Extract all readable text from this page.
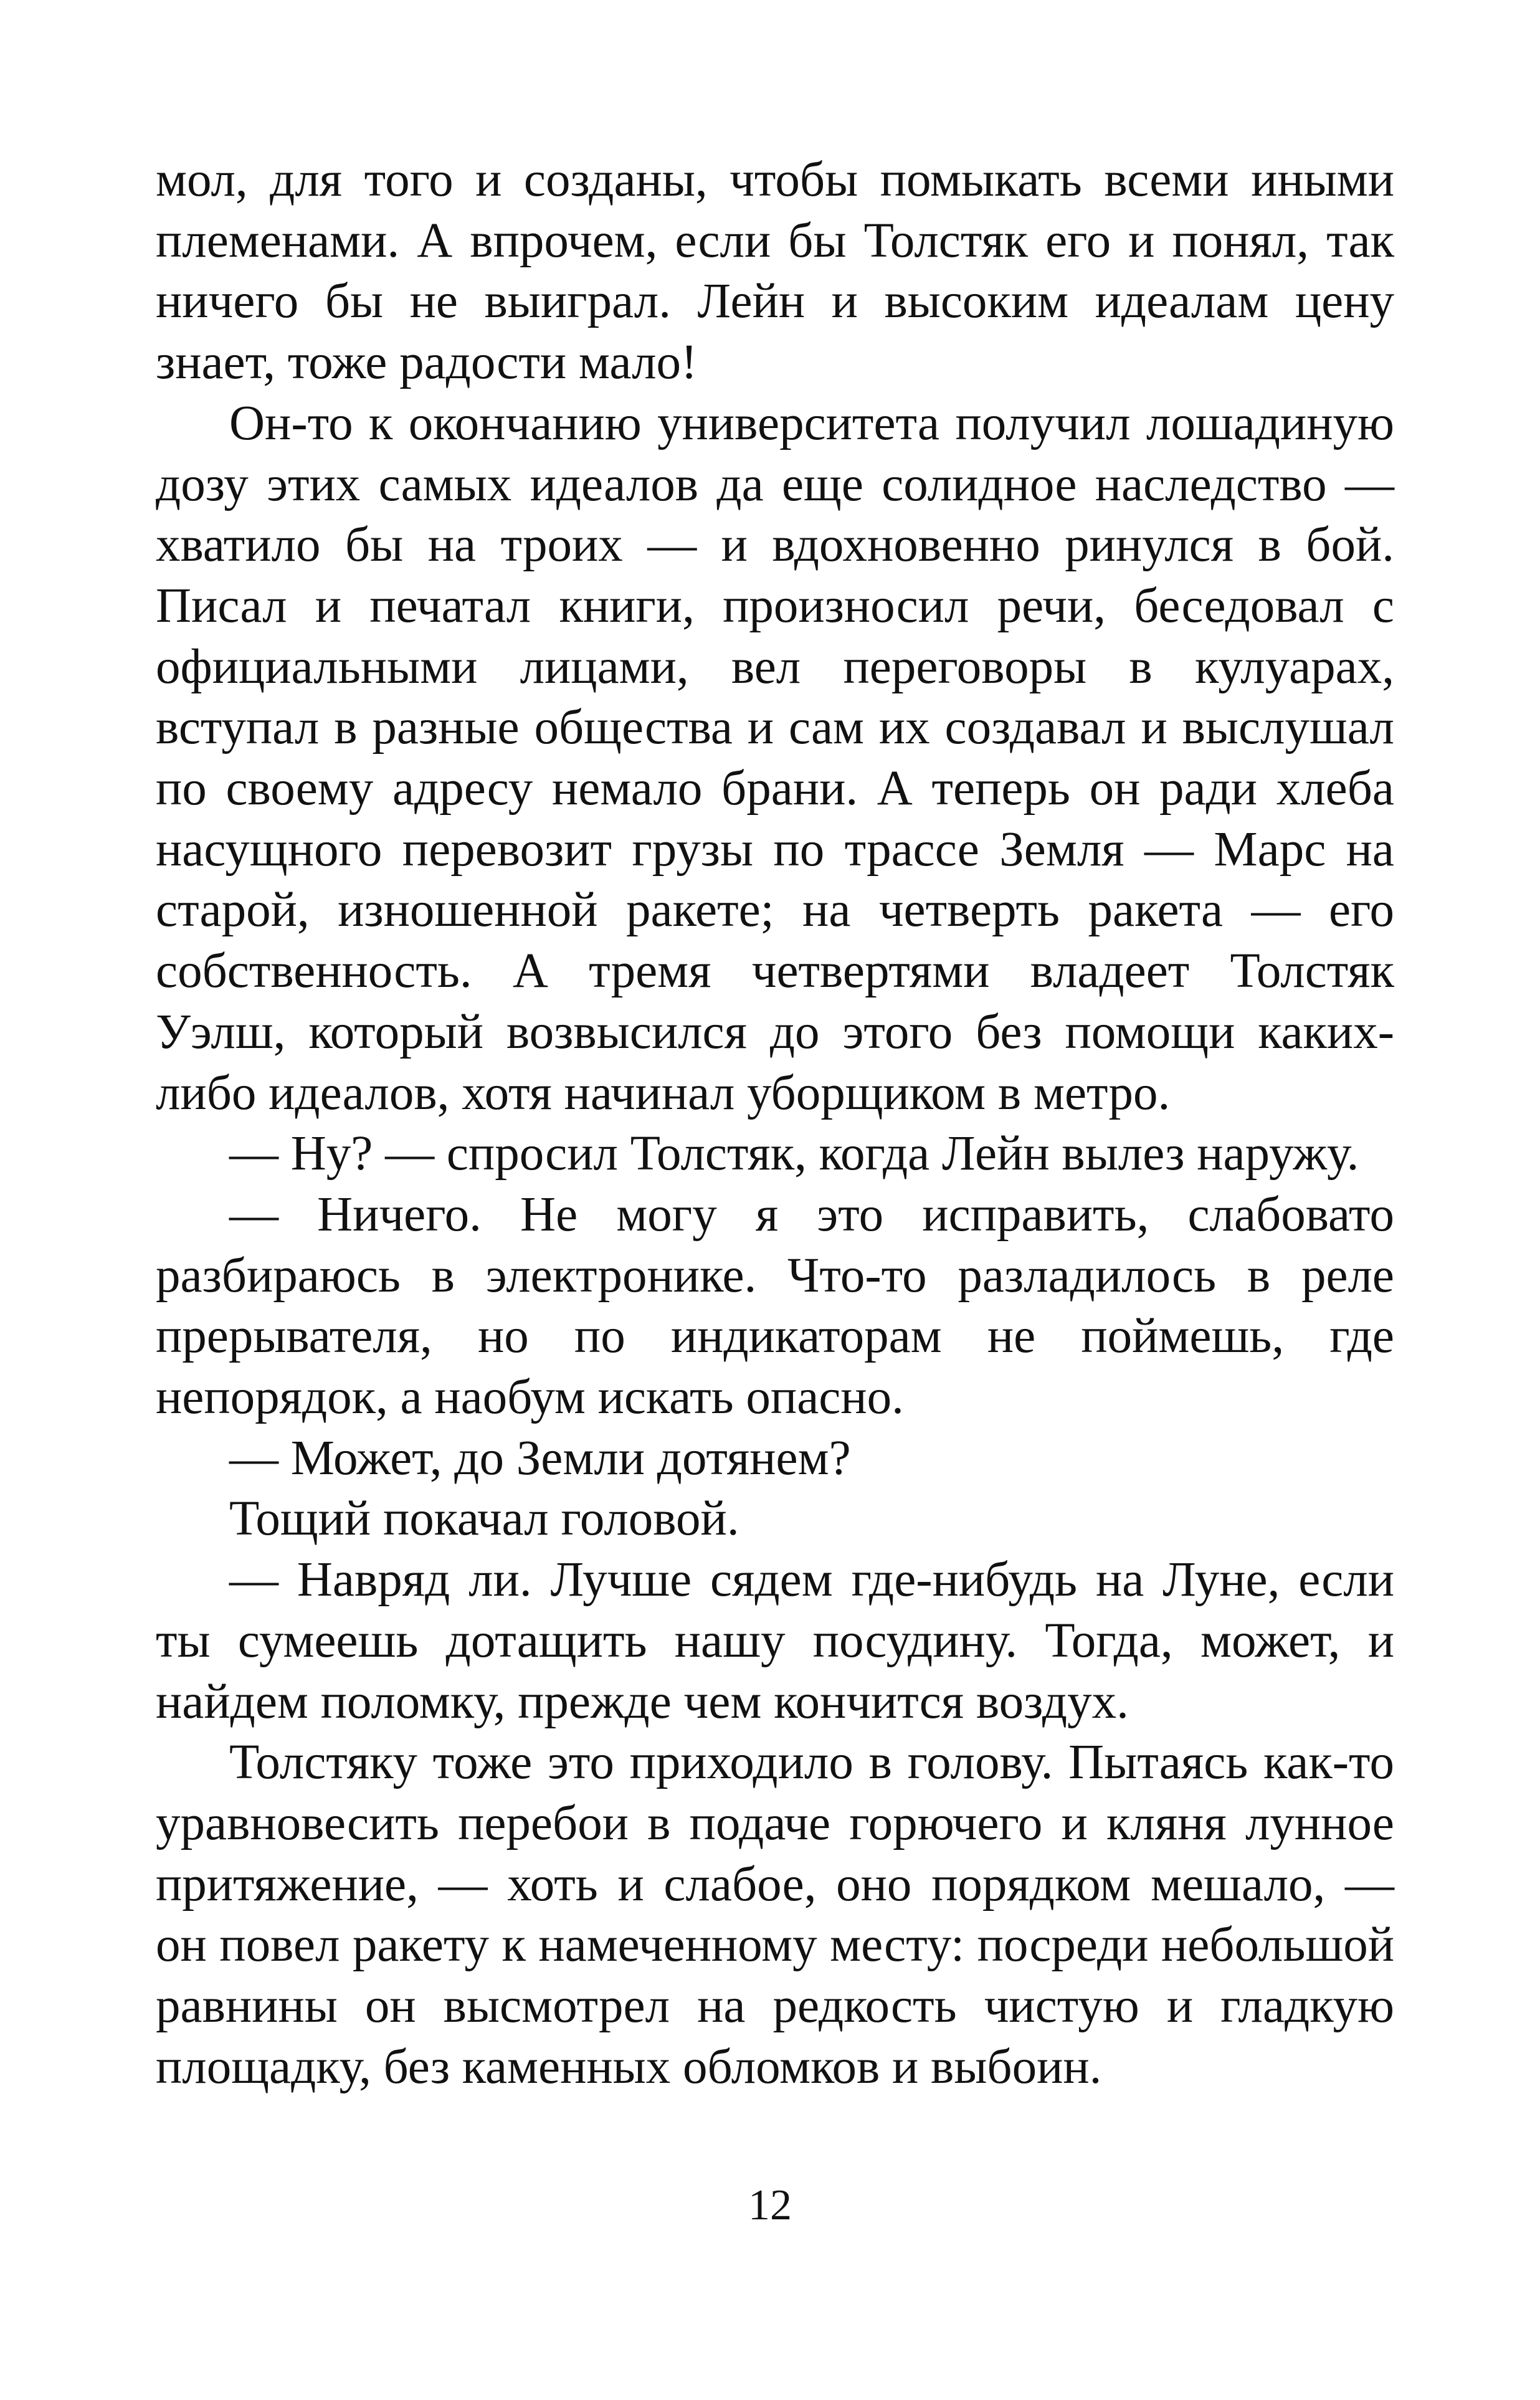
мол, для того и созданы, чтобы помыкать всеми иными племенами. А впрочем, если бы Толстяк его и понял, так ничего бы не выиграл. Лейн и высоким идеалам цену знает, тоже радости мало!

Он-то к окончанию университета получил лошадиную дозу этих самых идеалов да еще солидное наследство — хватило бы на троих — и вдохновенно ринулся в бой. Писал и печатал книги, произносил речи, беседовал с официальными лицами, вел переговоры в кулуарах, вступал в разные общества и сам их создавал и выслушал по своему адресу немало брани. А теперь он ради хлеба насущного перевозит грузы по трассе Земля — Марс на старой, изношенной ракете; на четверть ракета — его собственность. А тремя четвертями владеет Толстяк Уэлш, который возвысился до этого без помощи каких-либо идеалов, хотя начинал уборщиком в метро.

— Ну? — спросил Толстяк, когда Лейн вылез наружу.

— Ничего. Не могу я это исправить, слабовато разбираюсь в электронике. Что-то разладилось в реле прерывателя, но по индикаторам не поймешь, где непорядок, а наобум искать опасно.

— Может, до Земли дотянем?

Тощий покачал головой.

— Навряд ли. Лучше сядем где-нибудь на Луне, если ты сумеешь дотащить нашу посудину. Тогда, может, и найдем поломку, прежде чем кончится воздух.

Толстяку тоже это приходило в голову. Пытаясь как-то уравновесить перебои в подаче горючего и кляня лунное притяжение, — хоть и слабое, оно порядком мешало, — он повел ракету к намеченному месту: посреди небольшой равнины он высмотрел на редкость чистую и гладкую площадку, без каменных обломков и выбоин.

12
